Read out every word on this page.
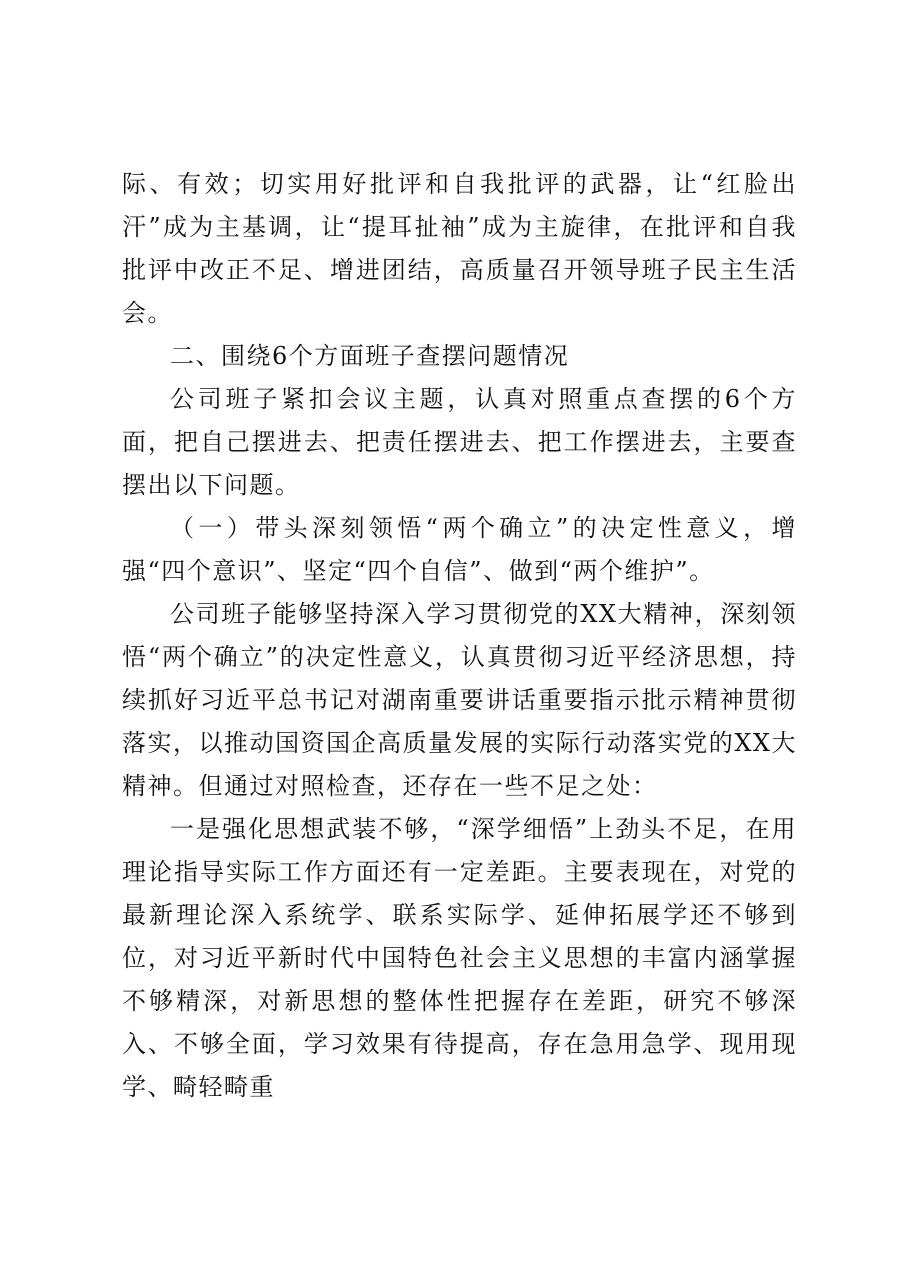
际、有效；切实用好批评和自我批评的武器，让“红脸出汗”成为主基调，让“提耳扯袖”成为主旋律，在批评和自我批评中改正不足、增进团结，高质量召开领导班子民主生活会。

二、围绕6个方面班子查摆问题情况

公司班子紧扣会议主题，认真对照重点查摆的6个方面，把自己摆进去、把责任摆进去、把工作摆进去，主要查摆出以下问题。

（一）带头深刻领悟“两个确立”的决定性意义，增强“四个意识”、坚定“四个自信”、做到“两个维护”。

公司班子能够坚持深入学习贯彻党的XX大精神，深刻领悟“两个确立”的决定性意义，认真贯彻习近平经济思想，持续抓好习近平总书记对湖南重要讲话重要指示批示精神贯彻落实，以推动国资国企高质量发展的实际行动落实党的XX大精神。但通过对照检查，还存在一些不足之处：

一是强化思想武装不够，“深学细悟”上劲头不足，在用理论指导实际工作方面还有一定差距。主要表现在，对党的最新理论深入系统学、联系实际学、延伸拓展学还不够到位，对习近平新时代中国特色社会主义思想的丰富内涵掌握不够精深，对新思想的整体性把握存在差距，研究不够深入、不够全面，学习效果有待提高，存在急用急学、现用现学、畸轻畸重
